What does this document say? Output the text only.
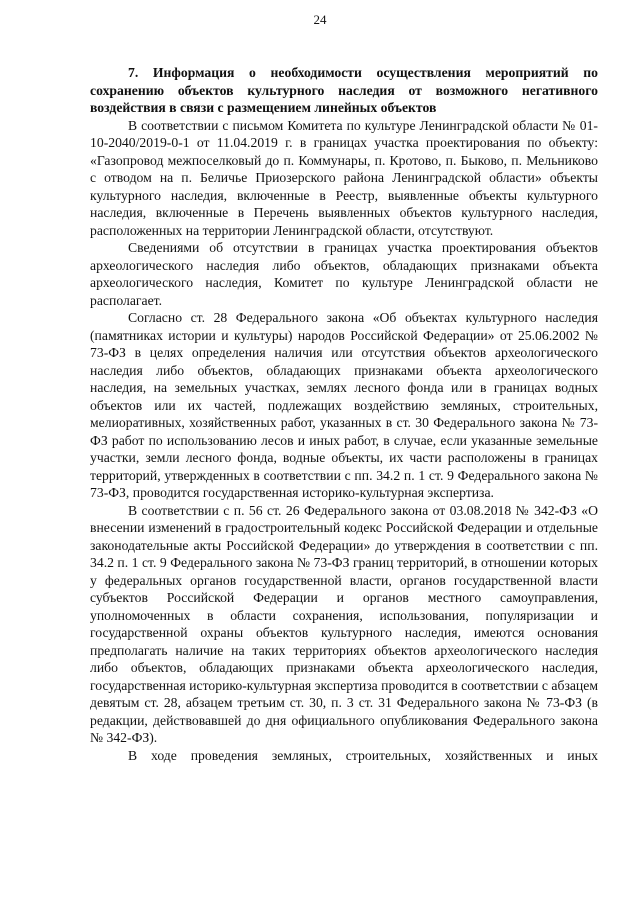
24

7. Информация о необходимости осуществления мероприятий по сохранению объектов культурного наследия от возможного негативного воздействия в связи с размещением линейных объектов

В соответствии с письмом Комитета по культуре Ленинградской области № 01-10-2040/2019-0-1 от 11.04.2019 г. в границах участка проектирования по объекту: «Газопровод межпоселковый до п. Коммунары, п. Кротово, п. Быково, п. Мельниково с отводом на п. Беличье Приозерского района Ленинградской области» объекты культурного наследия, включенные в Реестр, выявленные объекты культурного наследия, включенные в Перечень выявленных объектов культурного наследия, расположенных на территории Ленинградской области, отсутствуют.

Сведениями об отсутствии в границах участка проектирования объектов археологического наследия либо объектов, обладающих признаками объекта археологического наследия, Комитет по культуре Ленинградской области не располагает.

Согласно ст. 28 Федерального закона «Об объектах культурного наследия (памятниках истории и культуры) народов Российской Федерации» от 25.06.2002 № 73-ФЗ в целях определения наличия или отсутствия объектов археологического наследия либо объектов, обладающих признаками объекта археологического наследия, на земельных участках, землях лесного фонда или в границах водных объектов или их частей, подлежащих воздействию земляных, строительных, мелиоративных, хозяйственных работ, указанных в ст. 30 Федерального закона № 73-ФЗ работ по использованию лесов и иных работ, в случае, если указанные земельные участки, земли лесного фонда, водные объекты, их части расположены в границах территорий, утвержденных в соответствии с пп. 34.2 п. 1 ст. 9 Федерального закона № 73-ФЗ, проводится государственная историко-культурная экспертиза.

В соответствии с п. 56 ст. 26 Федерального закона от 03.08.2018 № 342-ФЗ «О внесении изменений в градостроительный кодекс Российской Федерации и отдельные законодательные акты Российской Федерации» до утверждения в соответствии с пп. 34.2 п. 1 ст. 9 Федерального закона № 73-ФЗ границ территорий, в отношении которых у федеральных органов государственной власти, органов государственной власти субъектов Российской Федерации и органов местного самоуправления, уполномоченных в области сохранения, использования, популяризации и государственной охраны объектов культурного наследия, имеются основания предполагать наличие на таких территориях объектов археологического наследия либо объектов, обладающих признаками объекта археологического наследия, государственная историко-культурная экспертиза проводится в соответствии с абзацем девятым ст. 28, абзацем третьим ст. 30, п. 3 ст. 31 Федерального закона № 73-ФЗ (в редакции, действовавшей до дня официального опубликования Федерального закона № 342-ФЗ).

В ходе проведения земляных, строительных, хозяйственных и иных
